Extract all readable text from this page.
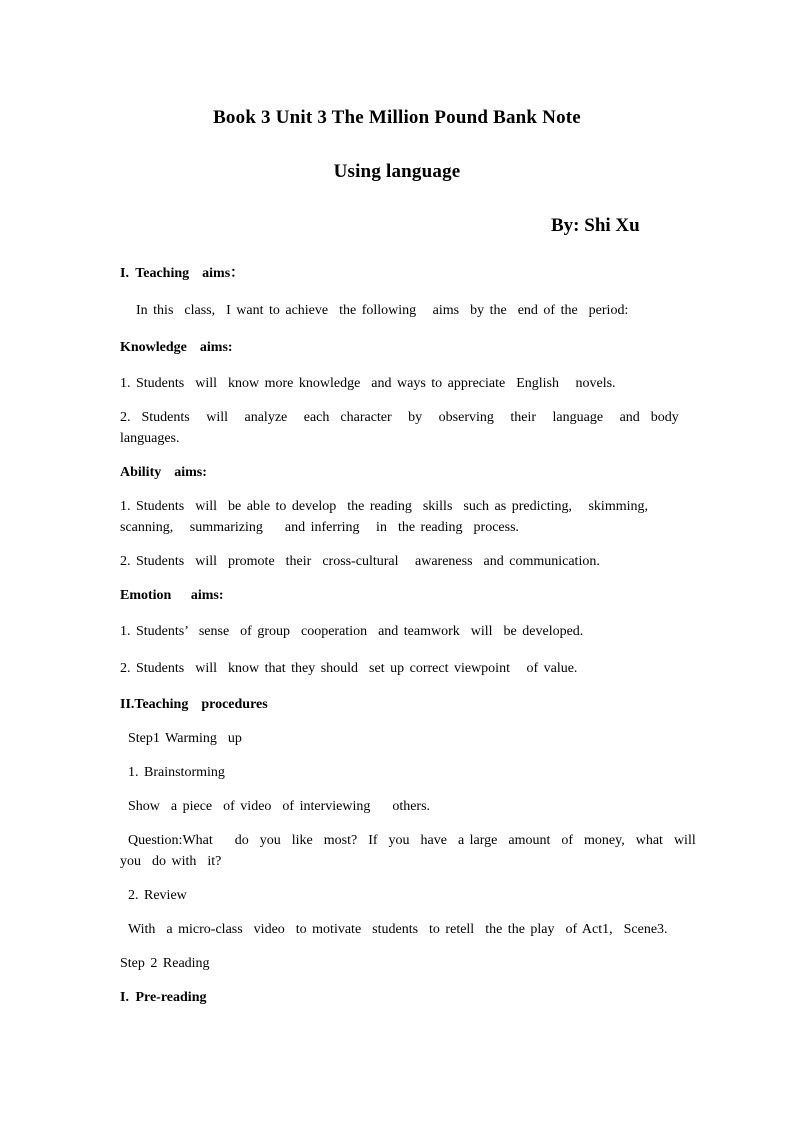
Book 3 Unit 3 The Million Pound Bank Note
Using language
By: Shi Xu
I. Teaching  aims：
In this  class,  I want to achieve  the following   aims  by the  end of the  period:
Knowledge  aims:
1. Students  will  know more knowledge  and ways to appreciate  English   novels.
2.  Students   will   analyze   each  character   by   observing   their   language   and  body
languages.
Ability  aims:
1. Students  will  be able to develop  the reading  skills  such as predicting,   skimming,
scanning,   summarizing    and inferring   in  the reading  process.
2. Students  will  promote  their  cross-cultural   awareness  and communication.
Emotion   aims:
1. Students’  sense  of group  cooperation  and teamwork  will  be developed.
2. Students  will  know that they should  set up correct viewpoint   of value.
II.Teaching  procedures
Step1 Warming  up
1. Brainstorming
Show  a piece  of video  of interviewing    others.
Question:What    do  you  like  most?  If  you  have  a large  amount  of  money,  what  will
you  do with  it?
2. Review
With  a micro-class  video  to motivate  students  to retell  the the play  of Act1,  Scene3.
Step 2 Reading
I. Pre-reading
